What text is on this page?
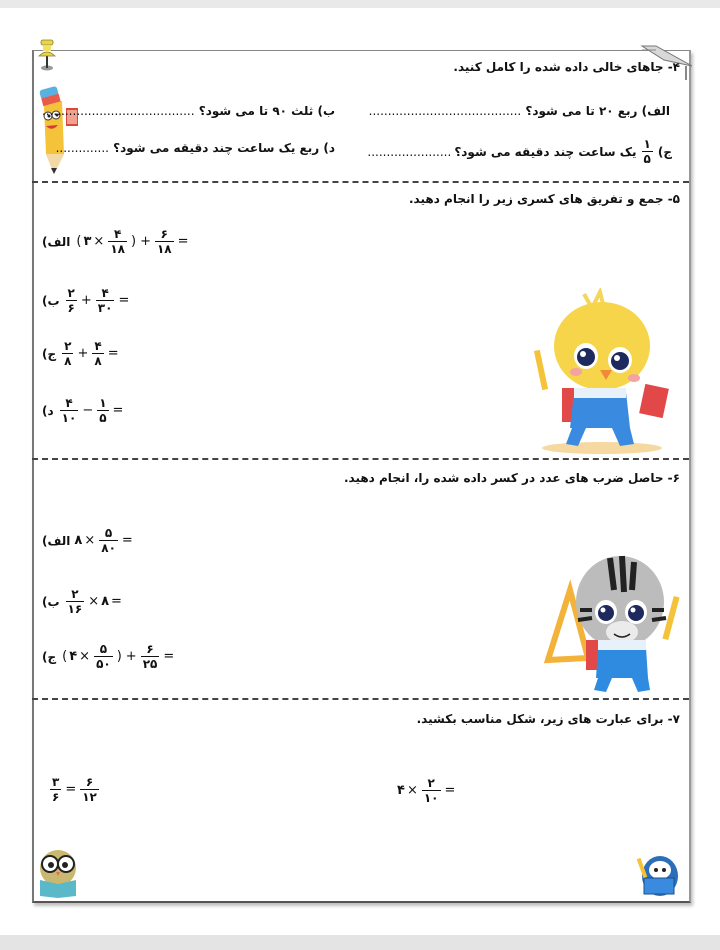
۴- جاهای خالی داده شده را کامل کنید.
الف) ربع ۲۰ تا می شود؟ ........................................
ب) ثلث ۹۰ تا می شود؟ ........................................
ج)
$\frac{۱}{۵}$
یک ساعت چند دقیقه می شود؟
......................
د) ربع یک ساعت چند دقیقه می شود؟ ..............
۵- جمع و تفریق های کسری زیر را انجام دهید.
الف) ( ۳ × $\frac{۴}{۱۸}$ ) + $\frac{۶}{۱۸}$ =
ب) $\frac{۲}{۶} + \frac{۴}{۳۰}$ =
ج) $\frac{۲}{۸} + \frac{۴}{۸}$ =
د) $\frac{۴}{۱۰} - \frac{۱}{۵}$ =
۶- حاصل ضرب های عدد در کسر داده شده را، انجام دهید.
الف) ۸ × $\frac{۵}{۸۰}$ =
ب) $\frac{۲}{۱۶}$ × ۸ =
ج) ( ۴ × $\frac{۵}{۵۰}$ ) + $\frac{۶}{۲۵}$ =
۷- برای عبارت های زیر، شکل مناسب بکشید.
$\frac{۳}{۶} = \frac{۶}{۱۲}$	۴ × $\frac{۲}{۱۰}$ =
